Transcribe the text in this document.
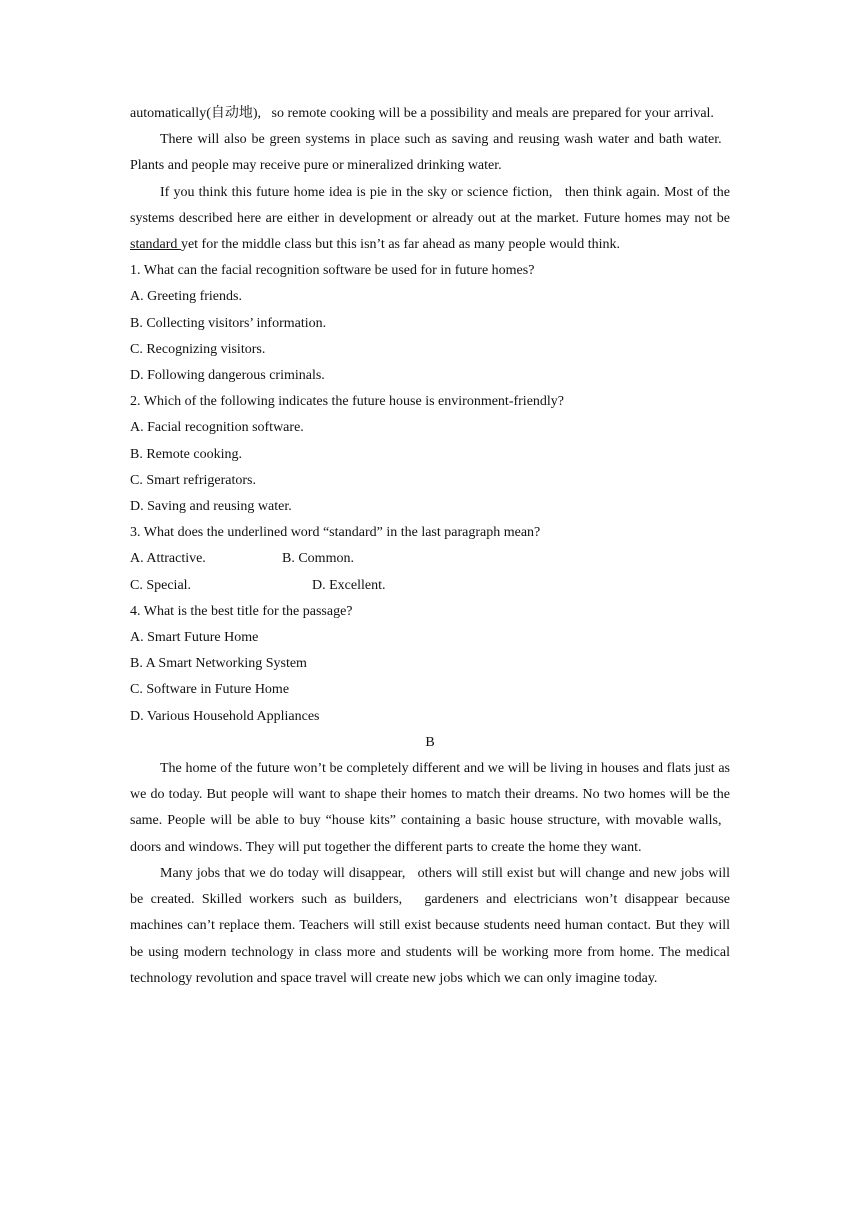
automatically(自动地),   so remote cooking will be a possibility and meals are prepared for your arrival.

There will also be green systems in place such as saving and reusing wash water and bath water.   Plants and people may receive pure or mineralized drinking water.

If you think this future home idea is pie in the sky or science fiction,   then think again. Most of the systems described here are either in development or already out at the market. Future homes may not be standard yet for the middle class but this isn’t as far ahead as many people would think.

1. What can the facial recognition software be used for in future homes?

A. Greeting friends.

B. Collecting visitors’ information.

C. Recognizing visitors.

D. Following dangerous criminals.

2. Which of the following indicates the future house is environment-friendly?

A. Facial recognition software.

B. Remote cooking.

C. Smart refrigerators.

D. Saving and reusing water.

3. What does the underlined word “standard” in the last paragraph mean?

A. Attractive.	B. Common.

C. Special.	D. Excellent.

4. What is the best title for the passage?

A. Smart Future Home

B. A Smart Networking System

C. Software in Future Home

D. Various Household Appliances

B

The home of the future won’t be completely different and we will be living in houses and flats just as we do today. But people will want to shape their homes to match their dreams. No two homes will be the same. People will be able to buy “house kits” containing a basic house structure, with movable walls,   doors and windows. They will put together the different parts to create the home they want.

Many jobs that we do today will disappear,   others will still exist but will change and new jobs will be created. Skilled workers such as builders,   gardeners and electricians won’t disappear because machines can’t replace them. Teachers will still exist because students need human contact. But they will be using modern technology in class more and students will be working more from home. The medical technology revolution and space travel will create new jobs which we can only imagine today.
